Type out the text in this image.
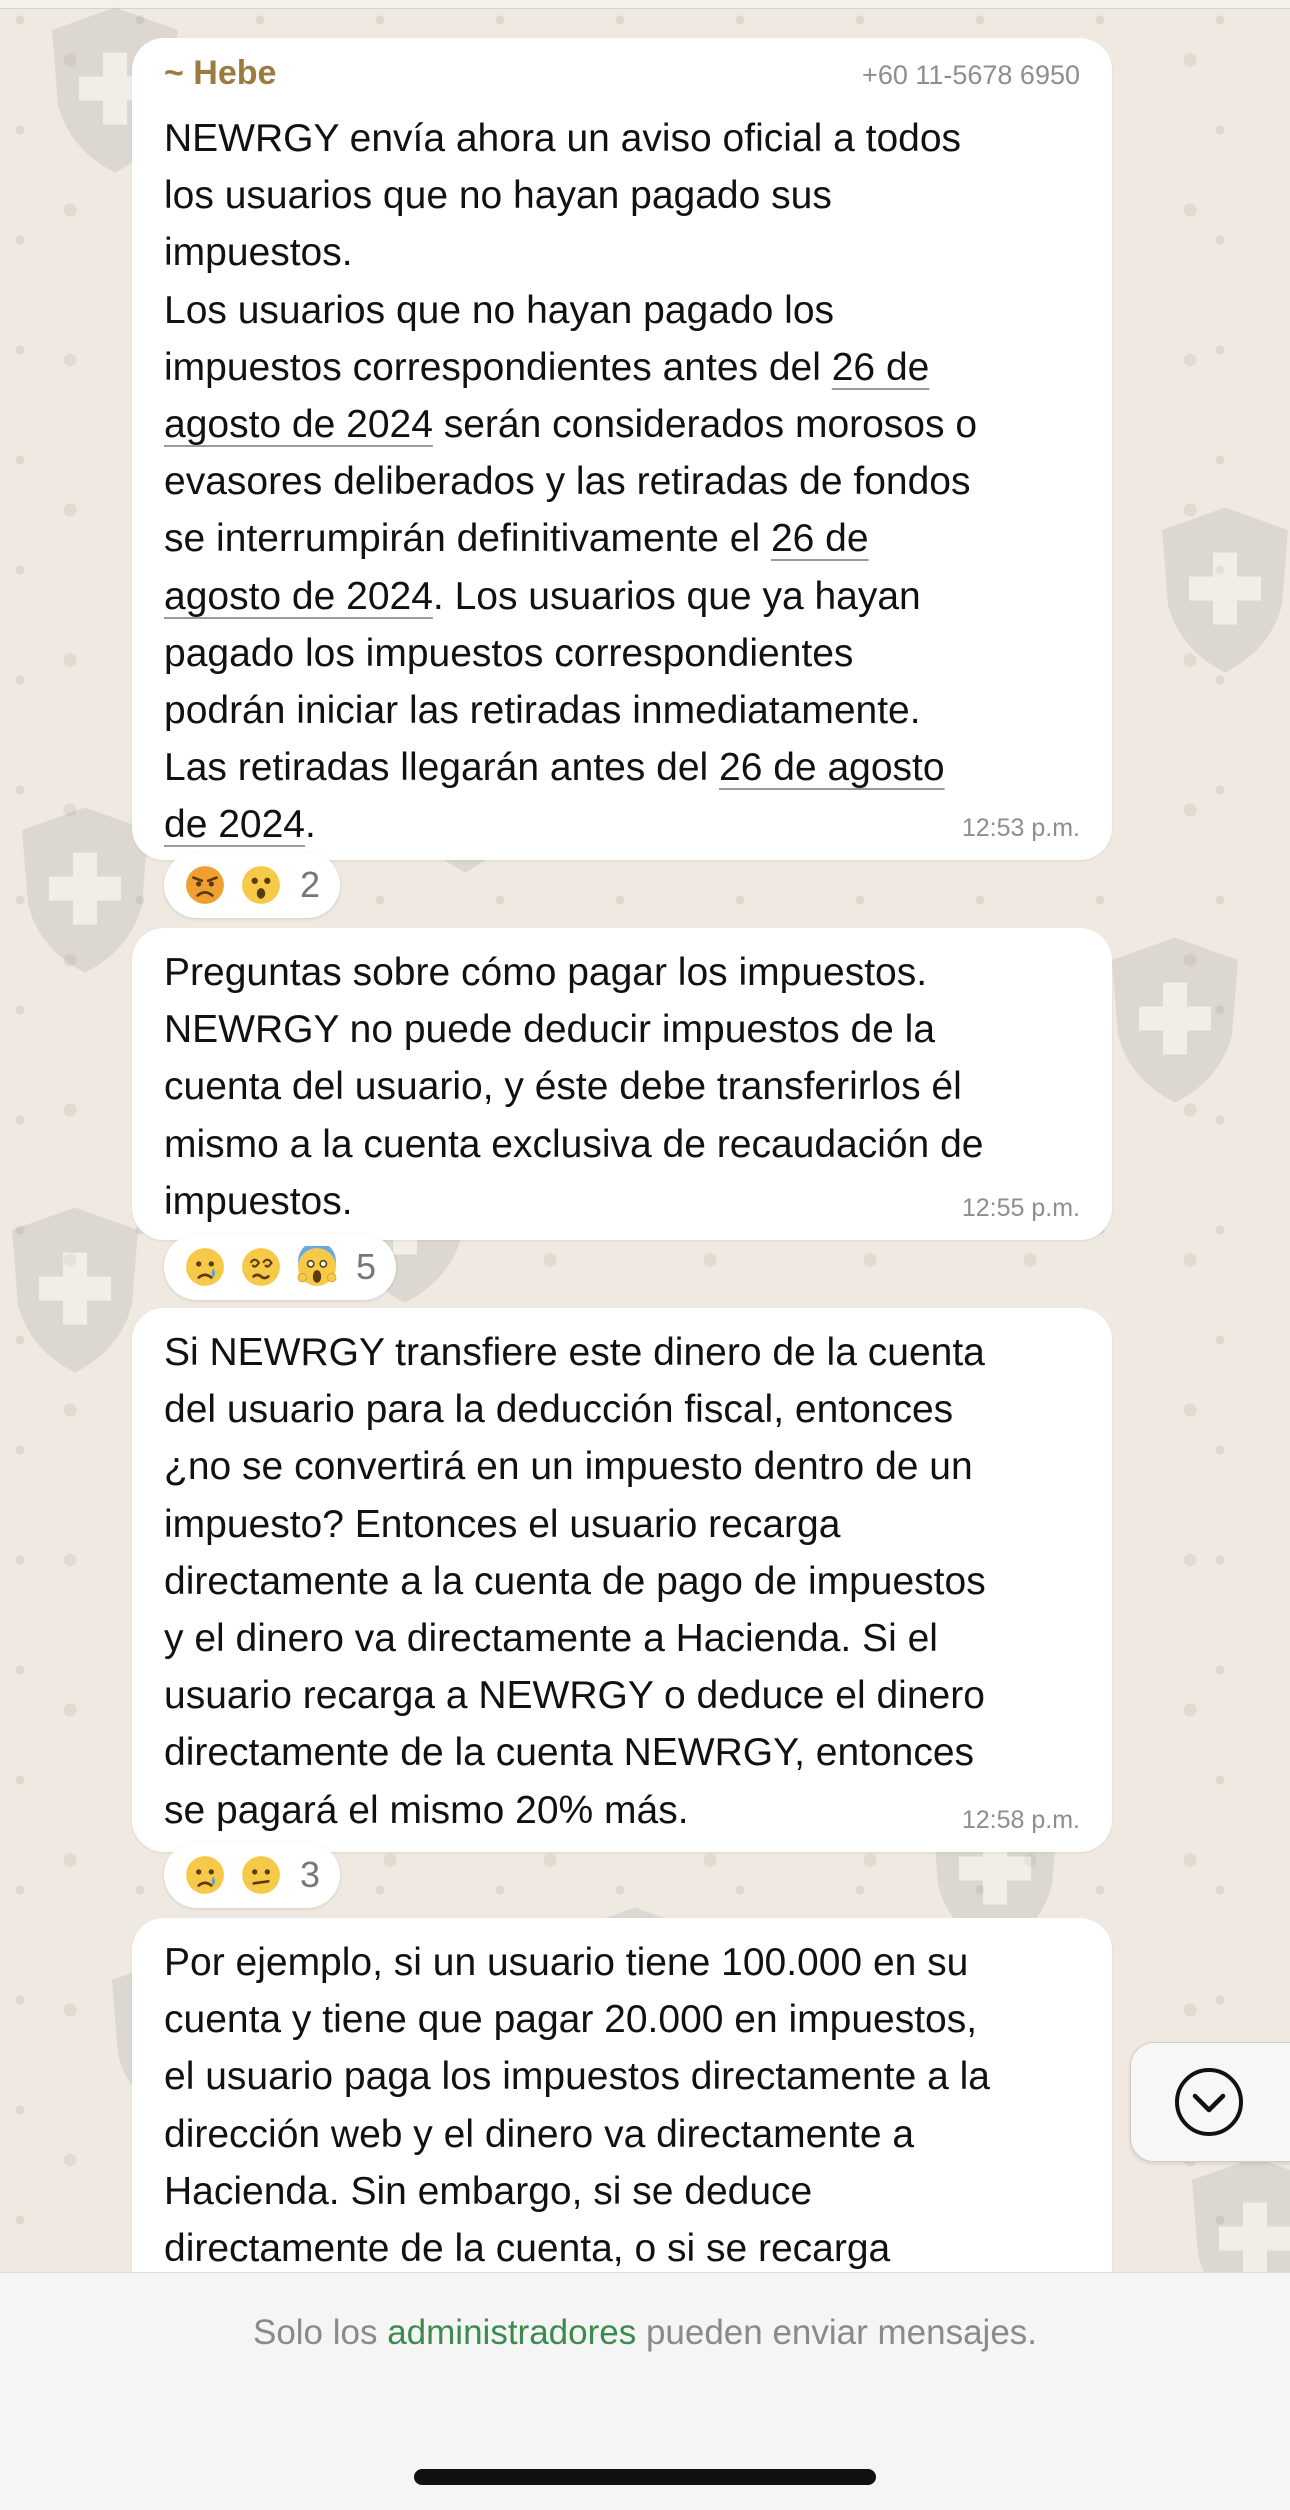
~ Hebe	+60 11-5678 6950
NEWRGY envía ahora un aviso oficial a todos
los usuarios que no hayan pagado sus
impuestos.
Los usuarios que no hayan pagado los
impuestos correspondientes antes del 26 de
agosto de 2024 serán considerados morosos o
evasores deliberados y las retiradas de fondos
se interrumpirán definitivamente el 26 de
agosto de 2024. Los usuarios que ya hayan
pagado los impuestos correspondientes
podrán iniciar las retiradas inmediatamente.
Las retiradas llegarán antes del 26 de agosto
de 2024.	12:53 p.m.
2
Preguntas sobre cómo pagar los impuestos.
NEWRGY no puede deducir impuestos de la
cuenta del usuario, y éste debe transferirlos él
mismo a la cuenta exclusiva de recaudación de
impuestos.	12:55 p.m.
5
Si NEWRGY transfiere este dinero de la cuenta
del usuario para la deducción fiscal, entonces
¿no se convertirá en un impuesto dentro de un
impuesto? Entonces el usuario recarga
directamente a la cuenta de pago de impuestos
y el dinero va directamente a Hacienda. Si el
usuario recarga a NEWRGY o deduce el dinero
directamente de la cuenta NEWRGY, entonces
se pagará el mismo 20% más.	12:58 p.m.
3
Por ejemplo, si un usuario tiene 100.000 en su
cuenta y tiene que pagar 20.000 en impuestos,
el usuario paga los impuestos directamente a la
dirección web y el dinero va directamente a
Hacienda. Sin embargo, si se deduce
directamente de la cuenta, o si se recarga
Solo los administradores pueden enviar mensajes.
